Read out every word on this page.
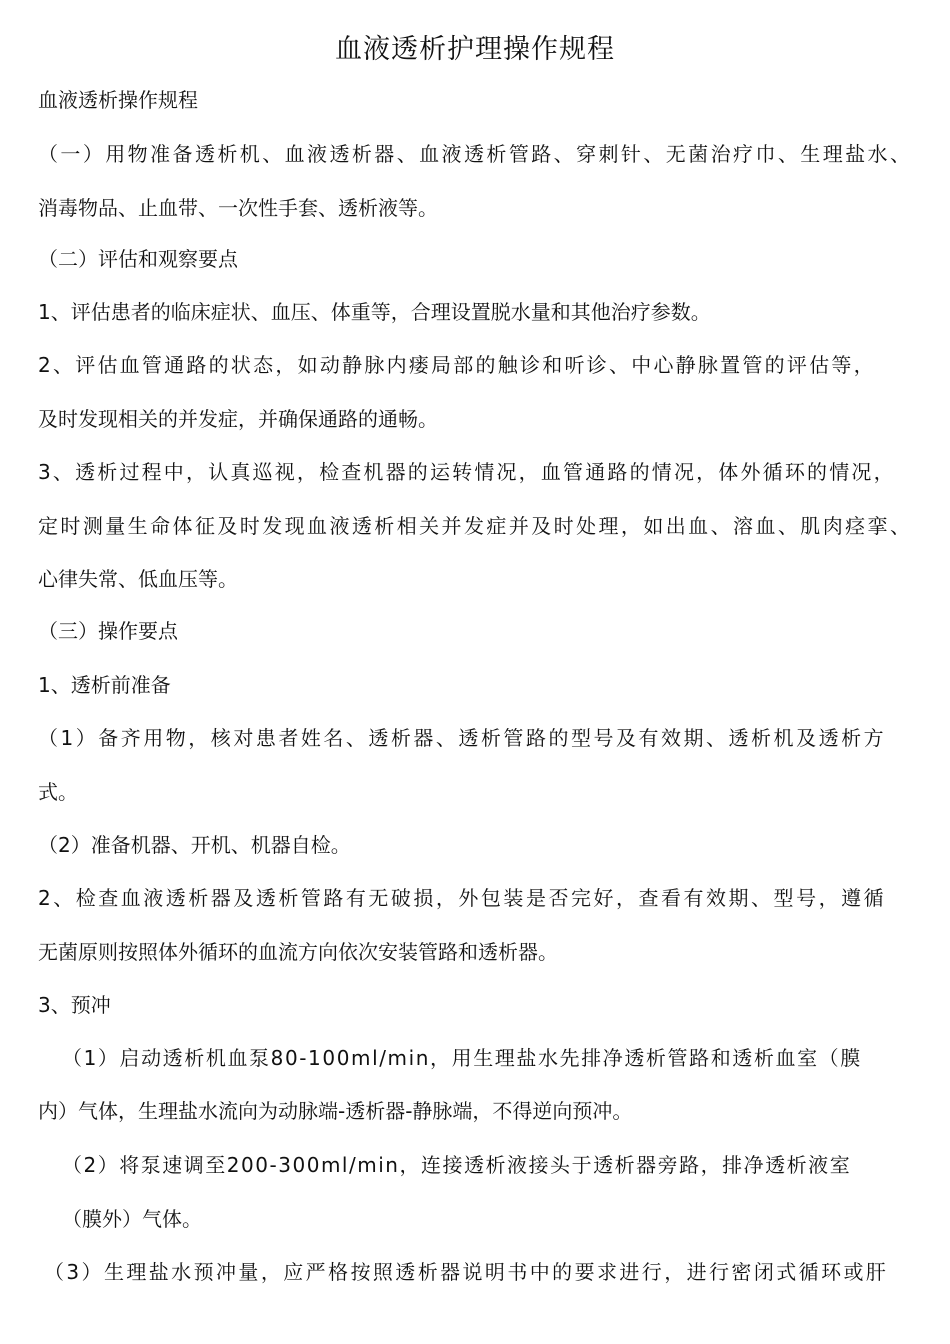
血液透析护理操作规程
血液透析操作规程
（一）用物准备透析机、血液透析器、血液透析管路、穿刺针、无菌治疗巾、生理盐水、
消毒物品、止血带、一次性手套、透析液等。
（二）评估和观察要点
1、评估患者的临床症状、血压、体重等，合理设置脱水量和其他治疗参数。
2、评估血管通路的状态，如动静脉内瘘局部的触诊和听诊、中心静脉置管的评估等，
及时发现相关的并发症，并确保通路的通畅。
3、透析过程中，认真巡视，检查机器的运转情况，血管通路的情况，体外循环的情况，
定时测量生命体征及时发现血液透析相关并发症并及时处理，如出血、溶血、肌肉痉挛、
心律失常、低血压等。
（三）操作要点
1、透析前准备
（1）备齐用物，核对患者姓名、透析器、透析管路的型号及有效期、透析机及透析方
式。
（2）准备机器、开机、机器自检。
2、检查血液透析器及透析管路有无破损，外包装是否完好，查看有效期、型号，遵循
无菌原则按照体外循环的血流方向依次安装管路和透析器。
3、预冲
（1）启动透析机血泵80-100ml/min，用生理盐水先排净透析管路和透析血室（膜
内）气体，生理盐水流向为动脉端-透析器-静脉端，不得逆向预冲。
（2）将泵速调至200-300ml/min，连接透析液接头于透析器旁路，排净透析液室
（膜外）气体。
（3）生理盐水预冲量，应严格按照透析器说明书中的要求进行，进行密闭式循环或肝
